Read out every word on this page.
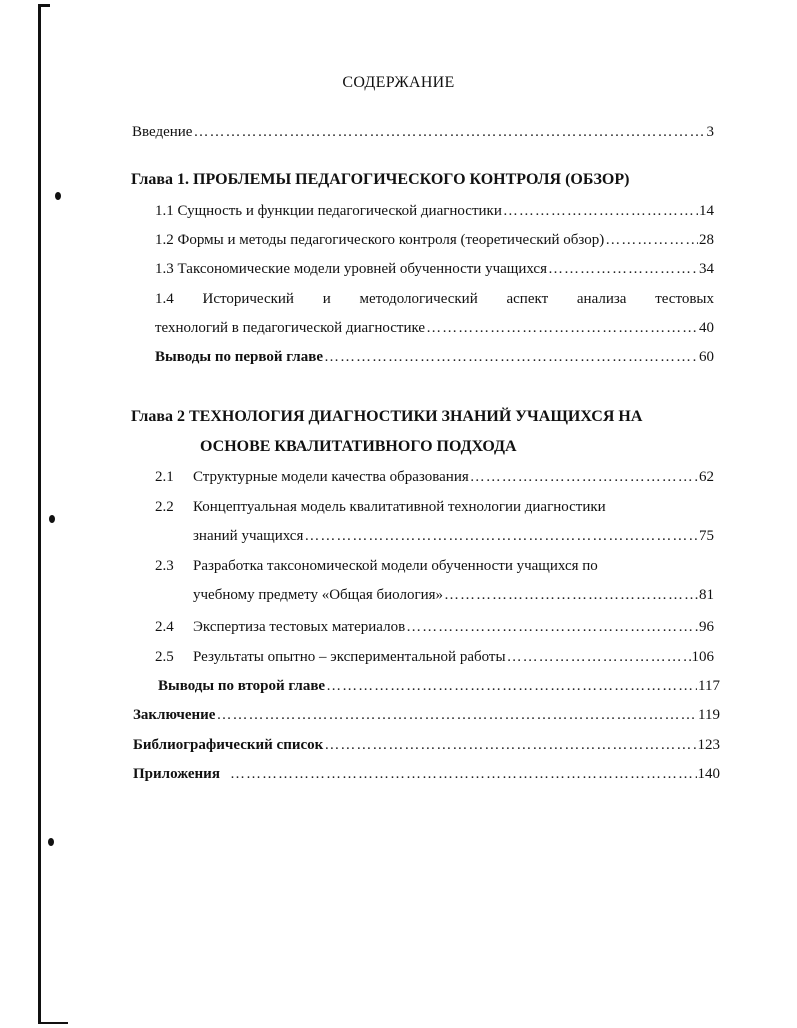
СОДЕРЖАНИЕ
Введение …………………………………………………………………………………………………………………………………………………………………………………………	3
Глава 1. ПРОБЛЕМЫ ПЕДАГОГИЧЕСКОГО КОНТРОЛЯ (ОБЗОР)
1.1 Сущность и функции педагогической диагностики …………………………………………………………………………………………………………………………………………………………………………………………	14
1.2 Формы и методы педагогического контроля (теоретический обзор) …………………………………………………………………………………………………………………………………………………………………………………………	28
1.3 Таксономические модели уровней обученности учащихся …………………………………………………………………………………………………………………………………………………………………………………………	34
1.4 Исторический и методологический аспект анализа тестовых
технологий в педагогической диагностике …………………………………………………………………………………………………………………………………………………………………………………………	40
Выводы по первой главе …………………………………………………………………………………………………………………………………………………………………………………………	60
Глава 2 ТЕХНОЛОГИЯ ДИАГНОСТИКИ ЗНАНИЙ УЧАЩИХСЯ НА
ОСНОВЕ КВАЛИТАТИВНОГО ПОДХОДА
2.1 Структурные модели качества образования …………………………………………………………………………………………………………………………………………………………………………………………	62
2.2 Концептуальная модель квалитативной технологии диагностики
знаний учащихся …………………………………………………………………………………………………………………………………………………………………………………………	75
2.3 Разработка таксономической модели обученности учащихся по
учебному предмету «Общая биология» …………………………………………………………………………………………………………………………………………………………………………………………	81
2.4 Экспертиза тестовых материалов …………………………………………………………………………………………………………………………………………………………………………………………	96
2.5 Результаты опытно – экспериментальной работы …………………………………………………………………………………………………………………………………………………………………………………………	106
Выводы по второй главе …………………………………………………………………………………………………………………………………………………………………………………………	117
Заключение …………………………………………………………………………………………………………………………………………………………………………………………	119
Библиографический список …………………………………………………………………………………………………………………………………………………………………………………………	123
Приложения …………………………………………………………………………………………………………………………………………………………………………………………	140
